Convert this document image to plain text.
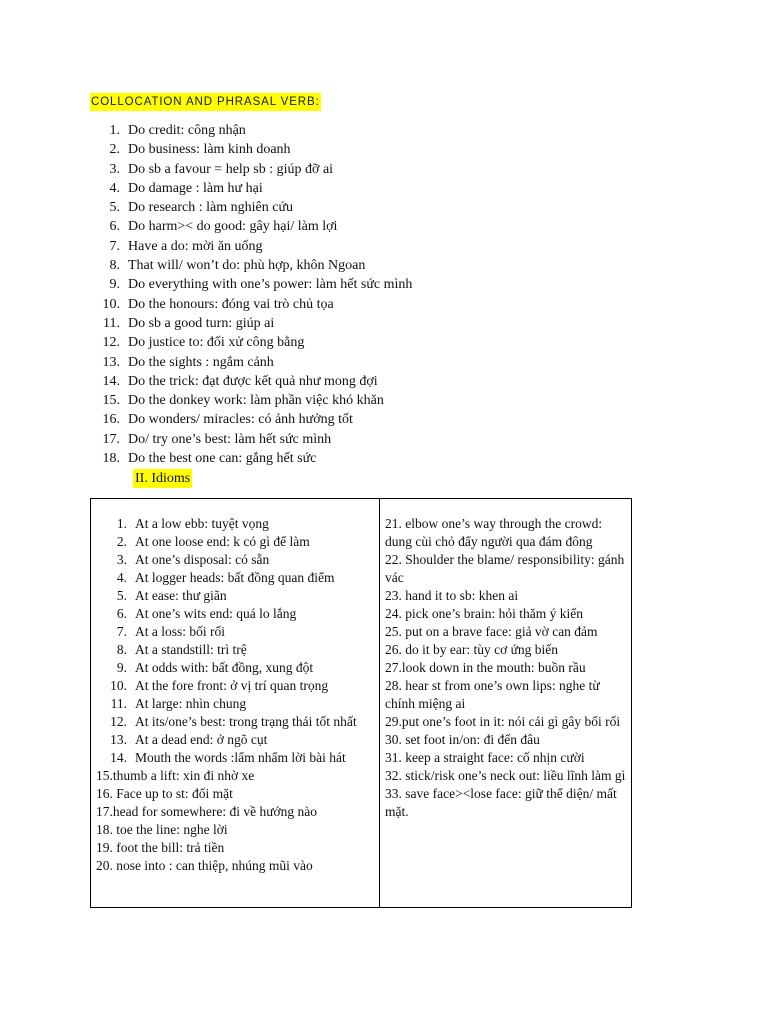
COLLOCATION AND PHRASAL VERB:
1. Do credit: công nhận
2. Do business: làm kinh doanh
3. Do sb a favour = help sb : giúp đỡ ai
4. Do damage : làm hư hại
5. Do research : làm nghiên cứu
6. Do harm>< do good: gây hại/ làm lợi
7. Have a do: mời ăn uống
8. That will/ won’t do: phù hợp, khôn Ngoan
9. Do everything with one’s power: làm hết sức mình
10. Do the honours: đóng vai trò chủ tọa
11. Do sb a good turn: giúp ai
12. Do justice to: đối xử công bằng
13. Do the sights : ngắm cảnh
14. Do the trick: đạt được kết quả như mong đợi
15. Do the donkey work: làm phần việc khó khăn
16. Do wonders/ miracles: có ảnh hưởng tốt
17. Do/ try one’s best: làm hết sức mình
18. Do the best one can: gắng hết sức
II. Idioms
1. At a low ebb: tuyệt vọng
2. At one loose end: k có gì để làm
3. At one’s disposal: có sẵn
4. At logger heads: bất đồng quan điểm
5. At ease: thư giãn
6. At one’s wits end: quá lo lắng
7. At a loss: bối rối
8. At a standstill: trì trệ
9. At odds with: bất đồng, xung đột
10. At the fore front: ở vị trí quan trọng
11. At large: nhìn chung
12. At its/one’s best: trong trạng thái tốt nhất
13. At a dead end: ở ngõ cụt
14. Mouth the words :lẩm nhẩm lời bài hát
15.thumb a lift: xin đi nhờ xe
16. Face up to st: đối mặt
17.head for somewhere: đi về hướng nào
18. toe the line: nghe lời
19. foot the bill: trả tiền
20. nose into : can thiệp, nhúng mũi vào
21. elbow one’s way through the crowd: dung cùi chỏ đẩy người qua đám đông
22. Shoulder the blame/ responsibility: gánh vác
23. hand it to sb: khen ai
24. pick one’s brain: hỏi thăm ý kiến
25. put on a brave face: giả vờ can đảm
26. do it by ear: tùy cơ ứng biến
27.look down in the mouth: buồn rầu
28. hear st from one’s own lips: nghe từ chính miệng ai
29.put one’s foot in it: nói cái gì gây bối rối
30. set foot in/on: đi đến đâu
31. keep a straight face: cố nhịn cười
32. stick/risk one’s neck out: liều lĩnh làm gì
33. save face><lose face: giữ thể diện/ mất mặt.
